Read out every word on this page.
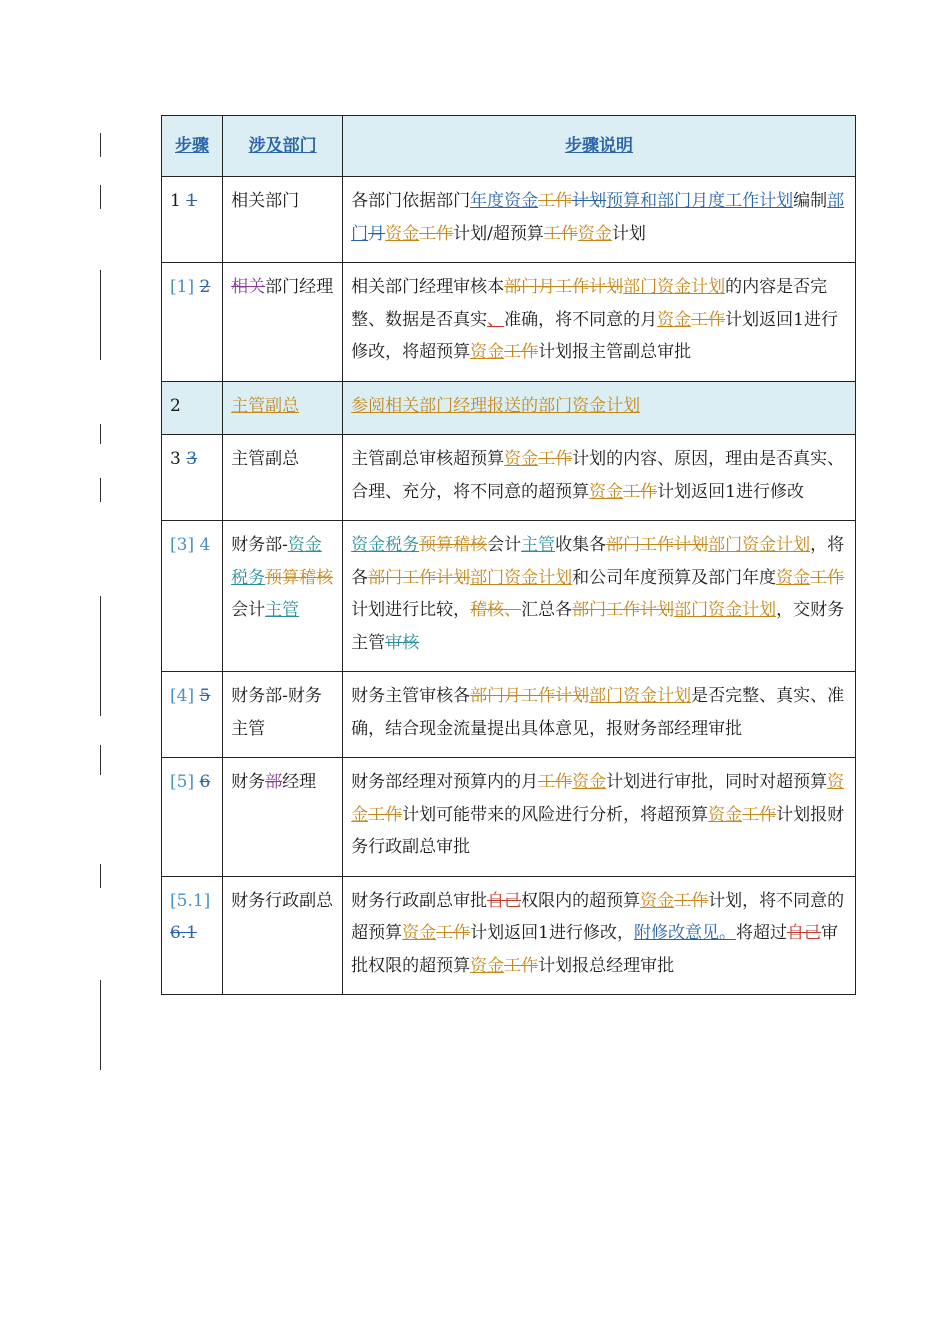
步骤	涉及部门	步骤说明
1 1	相关部门	各部门依据部门年度资金工作计划预算和部门月度工作计划编制部门月资金工作计划/超预算工作资金计划
[1] 2	相关部门经理	相关部门经理审核本部门月工作计划部门资金计划的内容是否完整、数据是否真实、准确，将不同意的月资金工作计划返回1进行修改，将超预算资金工作计划报主管副总审批
2	主管副总	参阅相关部门经理报送的部门资金计划
3 3	主管副总	主管副总审核超预算资金工作计划的内容、原因，理由是否真实、合理、充分，将不同意的超预算资金工作计划返回1进行修改
[3] 4	财务部-资金税务预算稽核会计主管	资金税务预算稽核会计主管收集各部门工作计划部门资金计划，将各部门工作计划部门资金计划和公司年度预算及部门年度资金工作计划进行比较，稽核、汇总各部门工作计划部门资金计划，交财务主管审核
[4] 5	财务部-财务主管	财务主管审核各部门月工作计划部门资金计划是否完整、真实、准确，结合现金流量提出具体意见，报财务部经理审批
[5] 6	财务部经理	财务部经理对预算内的月工作资金计划进行审批，同时对超预算资金工作计划可能带来的风险进行分析，将超预算资金工作计划报财务行政副总审批
[5.1] 6.1	财务行政副总	财务行政副总审批自己权限内的超预算资金工作计划，将不同意的超预算资金工作计划返回1进行修改，附修改意见。将超过自己审批权限的超预算资金工作计划报总经理审批
